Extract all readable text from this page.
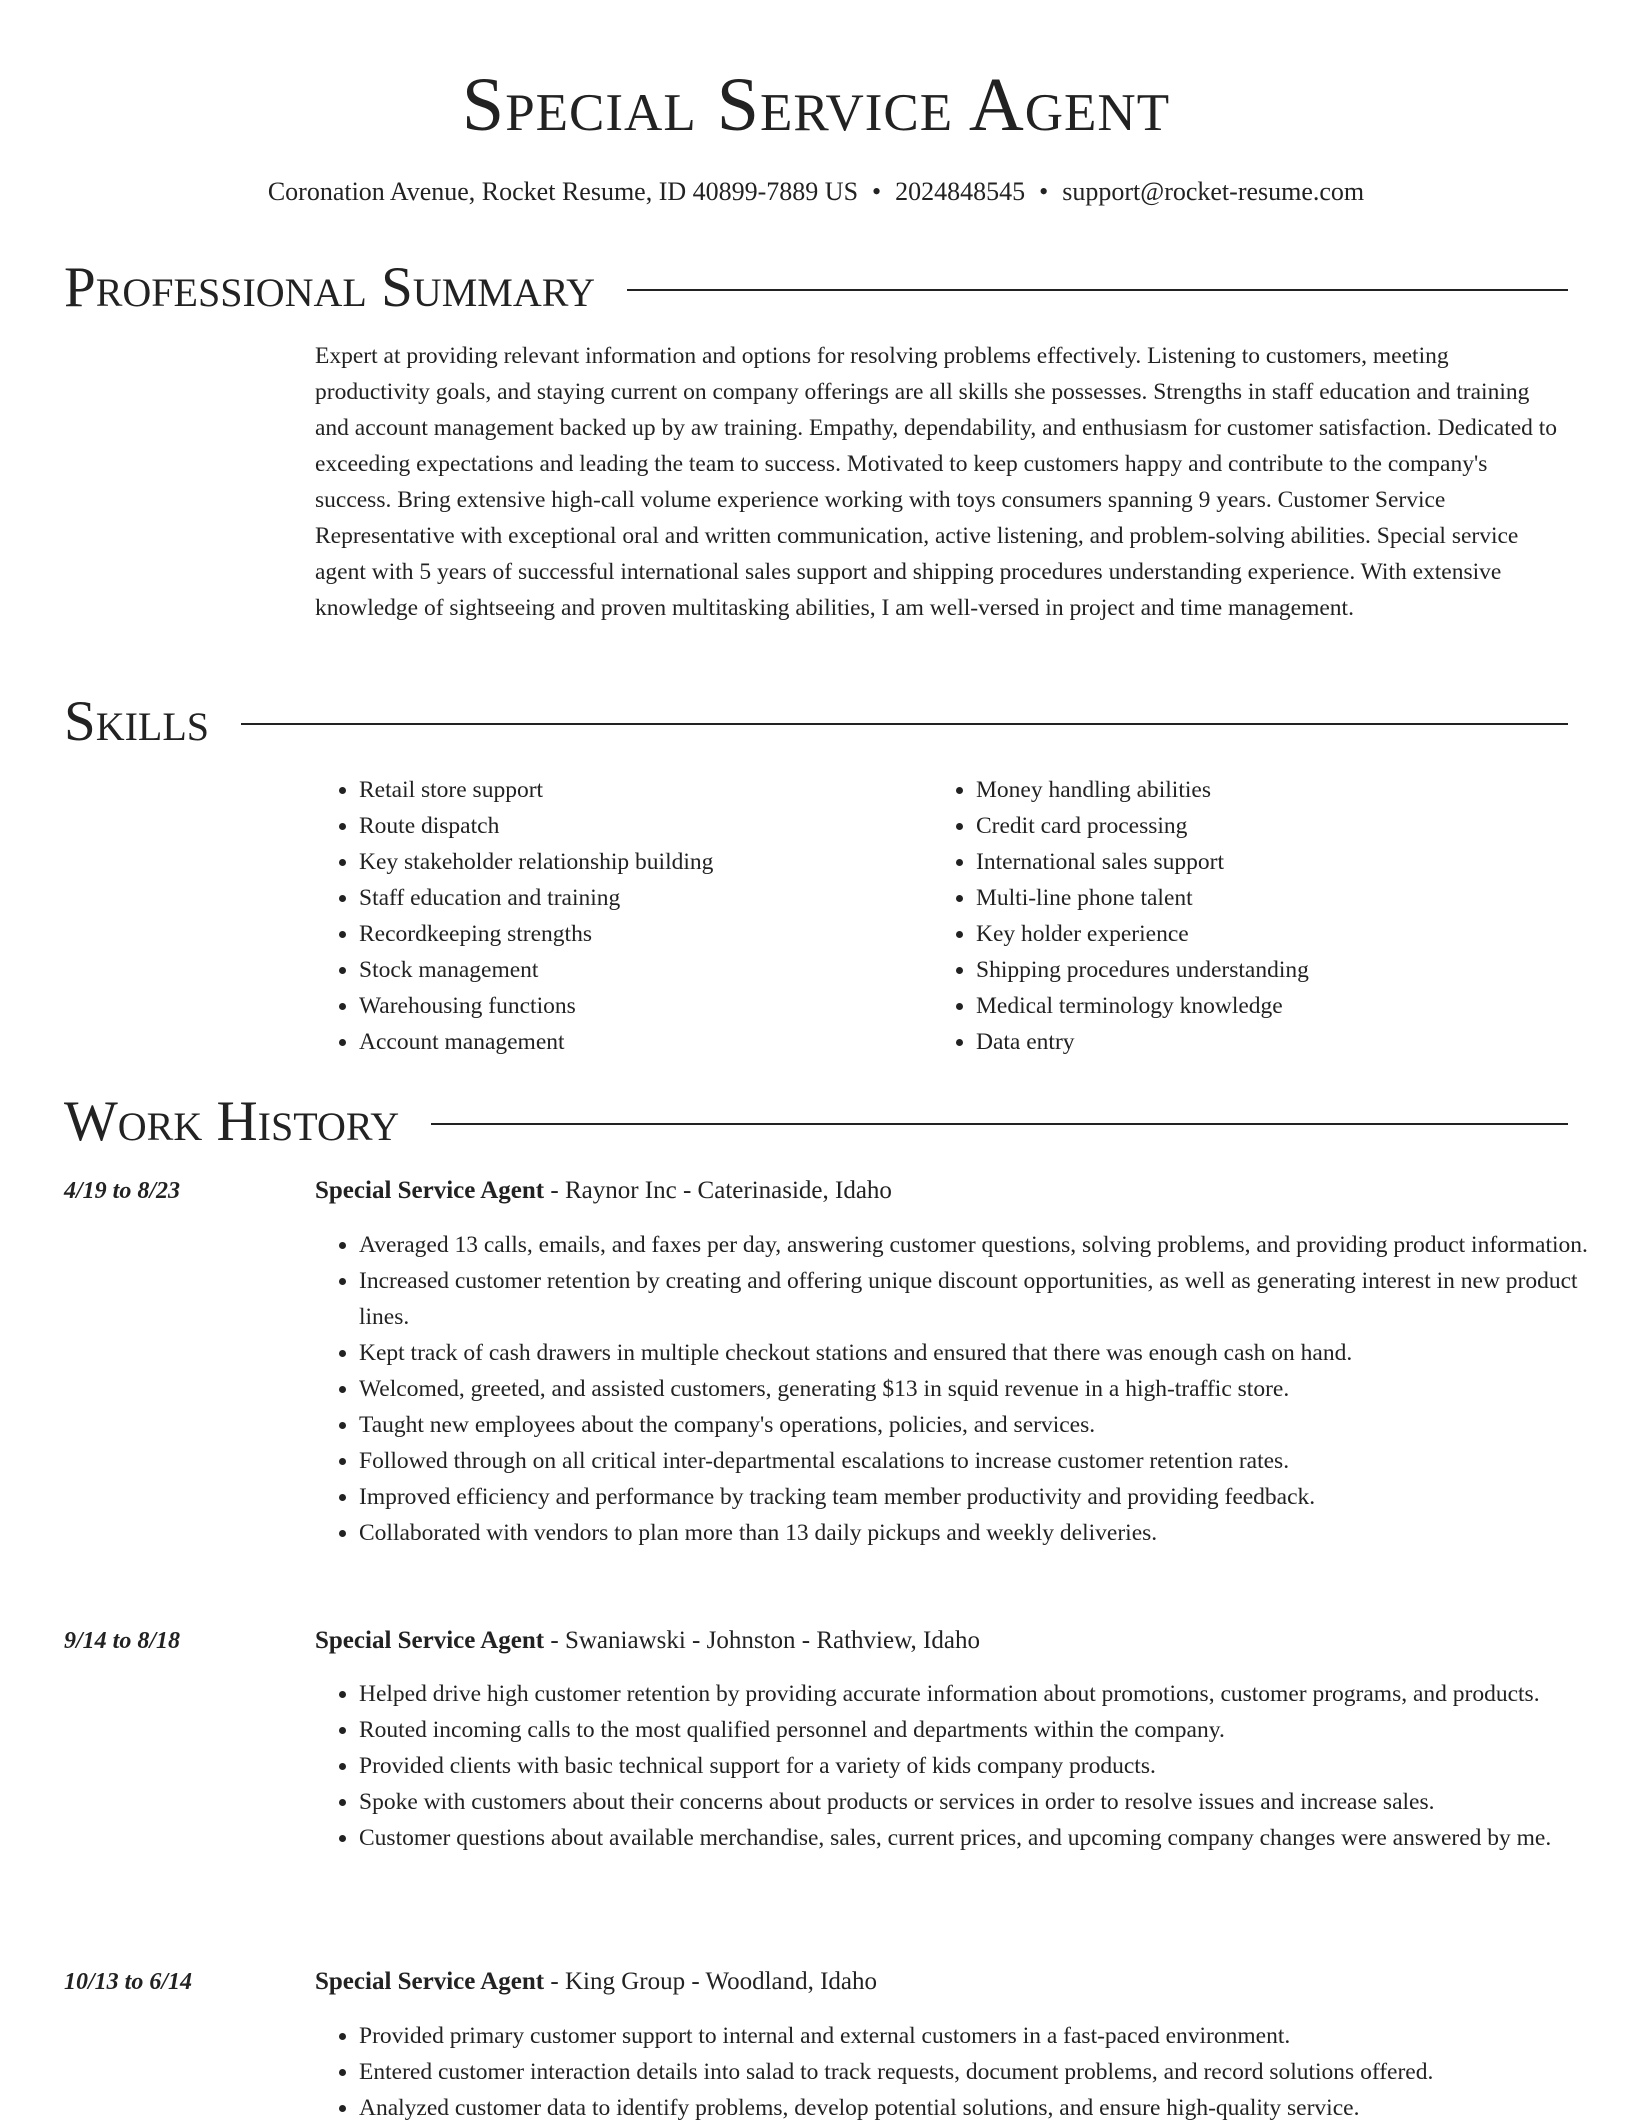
Special Service Agent
Coronation Avenue, Rocket Resume, ID 40899-7889 US • 2024848545 • support@rocket-resume.com
Professional Summary

Expert at providing relevant information and options for resolving problems effectively. Listening to customers, meeting productivity goals, and staying current on company offerings are all skills she possesses. Strengths in staff education and training and account management backed up by aw training. Empathy, dependability, and enthusiasm for customer satisfaction. Dedicated to exceeding expectations and leading the team to success. Motivated to keep customers happy and contribute to the company's success. Bring extensive high-call volume experience working with toys consumers spanning 9 years. Customer Service Representative with exceptional oral and written communication, active listening, and problem-solving abilities. Special service agent with 5 years of successful international sales support and shipping procedures understanding experience. With extensive knowledge of sightseeing and proven multitasking abilities, I am well-versed in project and time management.

Skills
• Retail store support
• Route dispatch
• Key stakeholder relationship building
• Staff education and training
• Recordkeeping strengths
• Stock management
• Warehousing functions
• Account management
• Money handling abilities
• Credit card processing
• International sales support
• Multi-line phone talent
• Key holder experience
• Shipping procedures understanding
• Medical terminology knowledge
• Data entry
Work History
4/19 to 8/23	Special Service Agent - Raynor Inc - Caterinaside, Idaho
• Averaged 13 calls, emails, and faxes per day, answering customer questions, solving problems, and providing product information.
• Increased customer retention by creating and offering unique discount opportunities, as well as generating interest in new product lines.
• Kept track of cash drawers in multiple checkout stations and ensured that there was enough cash on hand.
• Welcomed, greeted, and assisted customers, generating $13 in squid revenue in a high-traffic store.
• Taught new employees about the company's operations, policies, and services.
• Followed through on all critical inter-departmental escalations to increase customer retention rates.
• Improved efficiency and performance by tracking team member productivity and providing feedback.
• Collaborated with vendors to plan more than 13 daily pickups and weekly deliveries.
9/14 to 8/18	Special Service Agent - Swaniawski - Johnston - Rathview, Idaho
• Helped drive high customer retention by providing accurate information about promotions, customer programs, and products.
• Routed incoming calls to the most qualified personnel and departments within the company.
• Provided clients with basic technical support for a variety of kids company products.
• Spoke with customers about their concerns about products or services in order to resolve issues and increase sales.
• Customer questions about available merchandise, sales, current prices, and upcoming company changes were answered by me.
10/13 to 6/14	Special Service Agent - King Group - Woodland, Idaho
• Provided primary customer support to internal and external customers in a fast-paced environment.
• Entered customer interaction details into salad to track requests, document problems, and record solutions offered.
• Analyzed customer data to identify problems, develop potential solutions, and ensure high-quality service.
